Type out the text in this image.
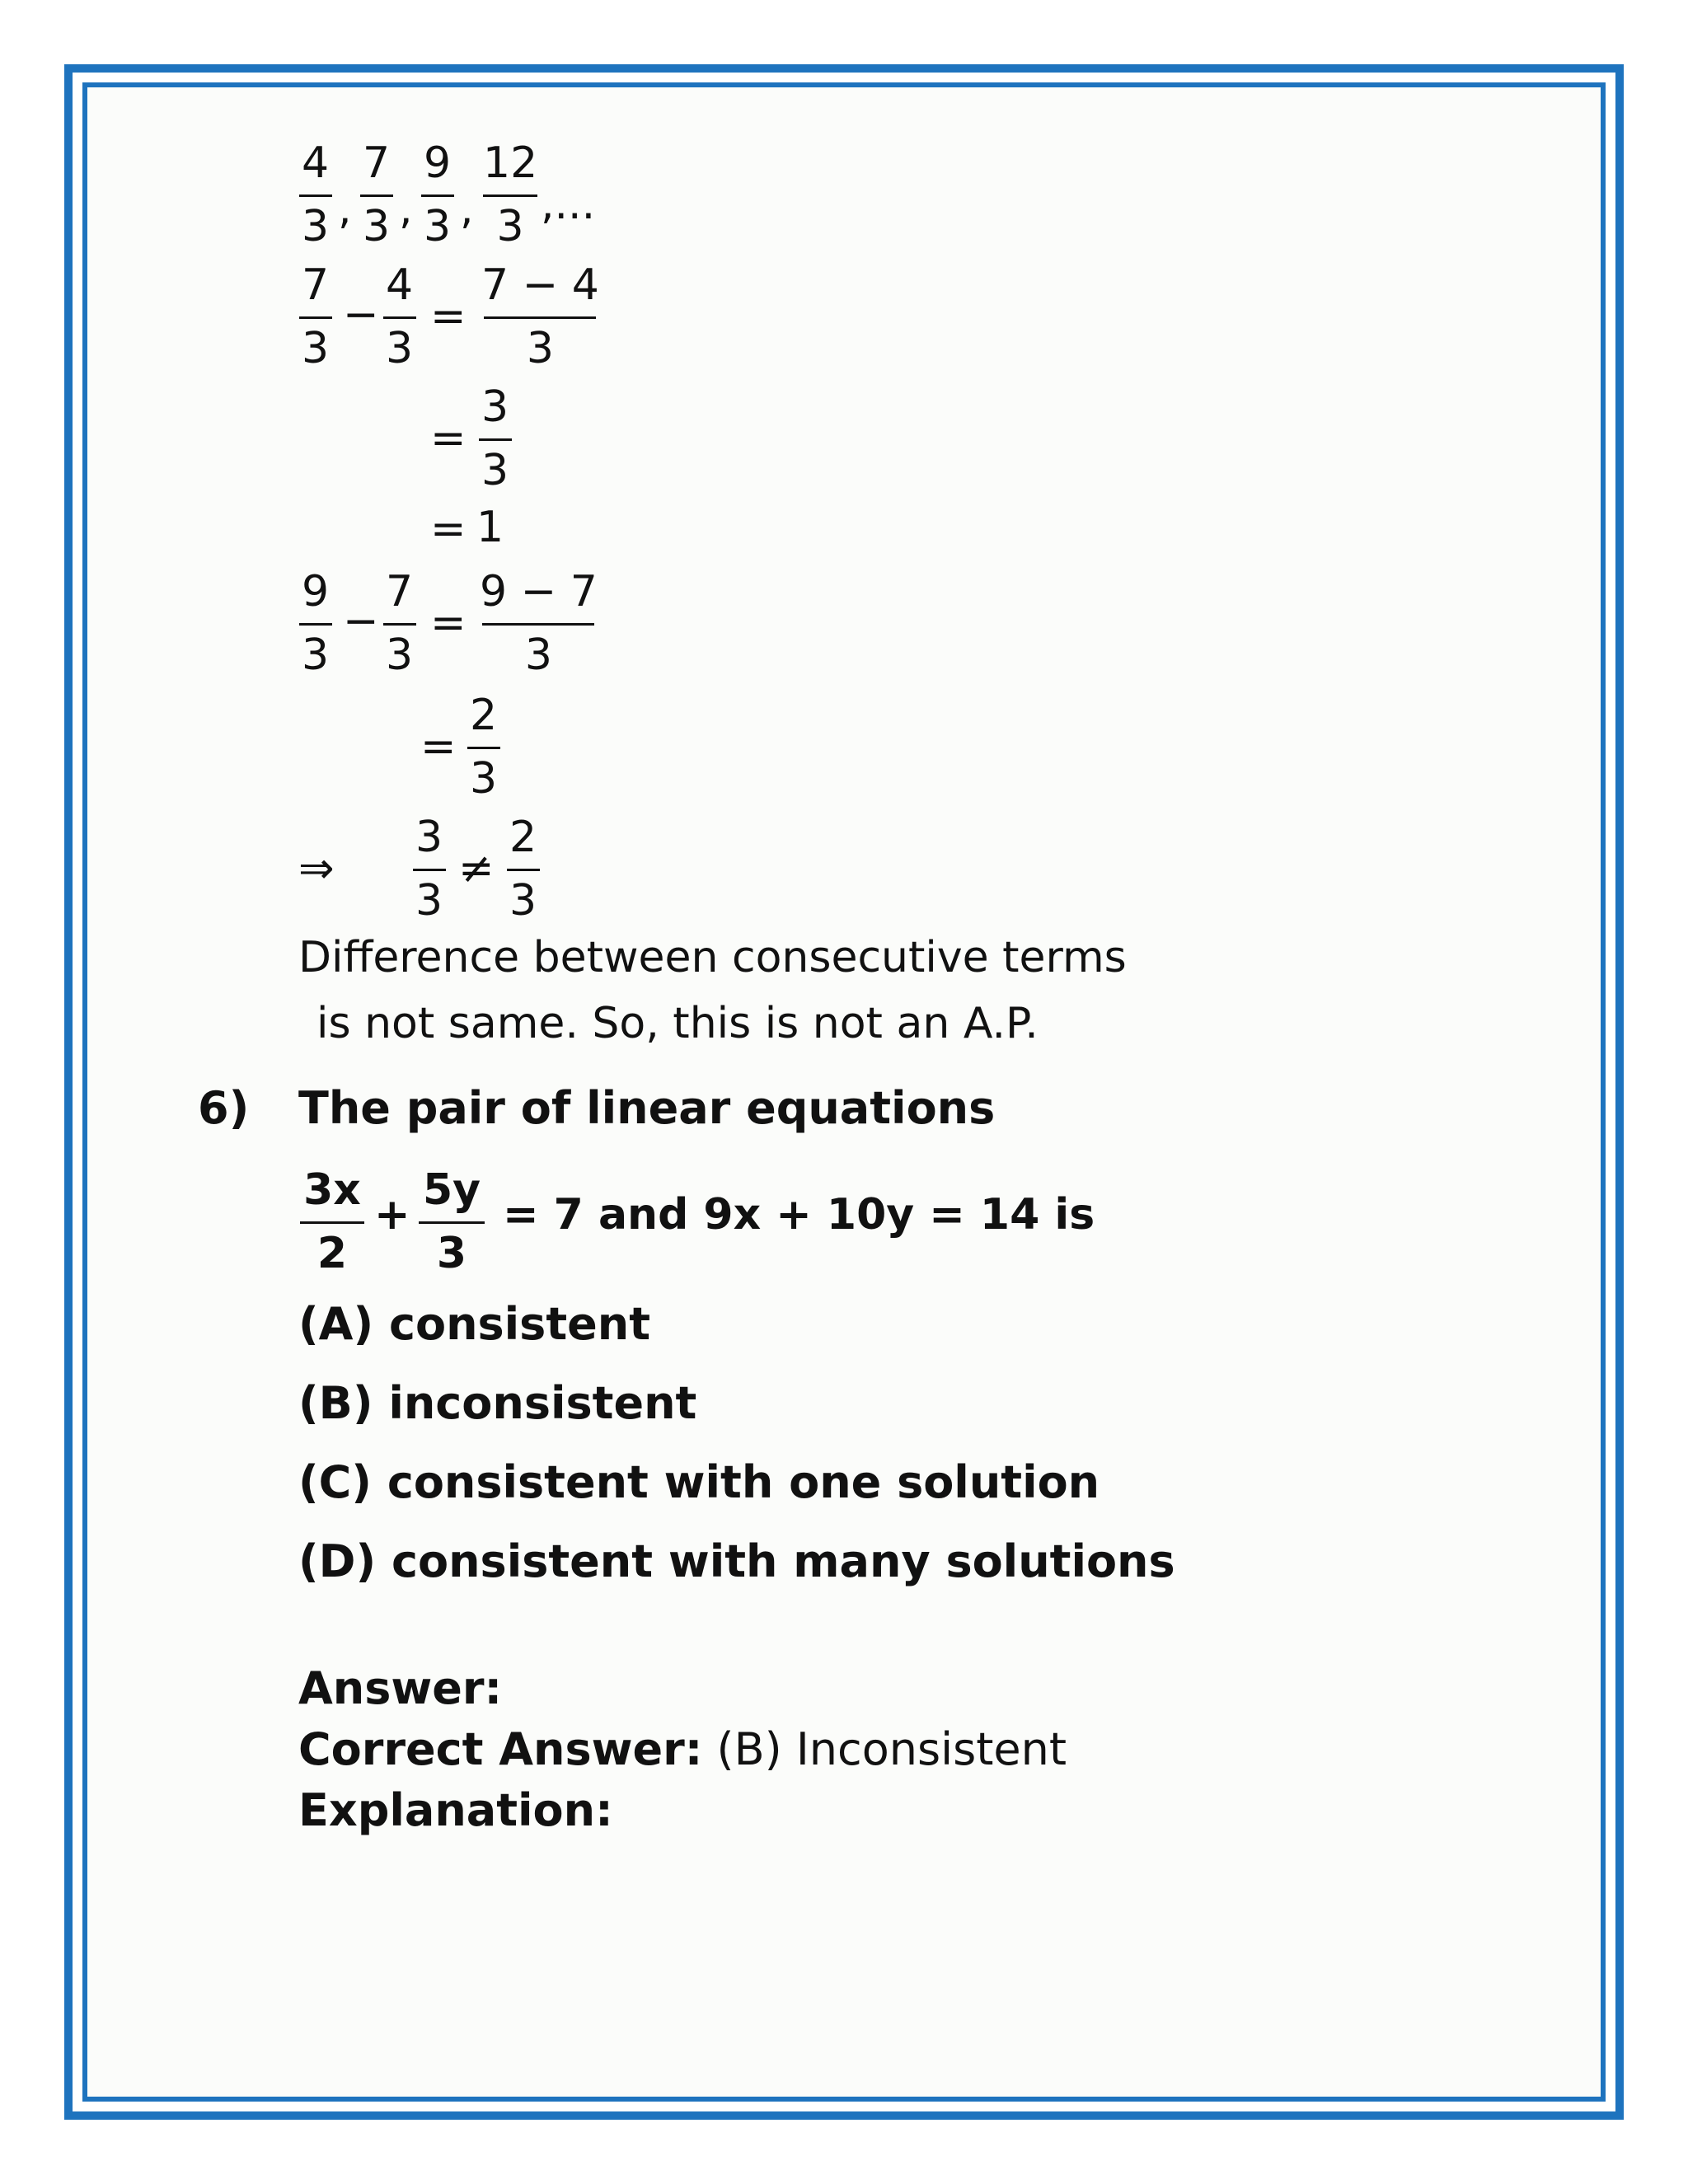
4
3 ,
7
3 ,
9
3 ,
12
3 ,...
7
3
−
4
3
=
7 − 4
3
=
3
3
= 1
9
3
−
7
3
=
9 − 7
3
=
2
3
⇒
3
3
≠
2
3
Difference between consecutive terms
is not same. So, this is not an A.P.
6) The pair of linear equations
3x
2
+ 5y
3
= 7 and 9x + 10y = 14 is
(A) consistent
(B) inconsistent
(C) consistent with one solution
(D) consistent with many solutions
Answer:
Correct Answer: (B) Inconsistent
Explanation:
